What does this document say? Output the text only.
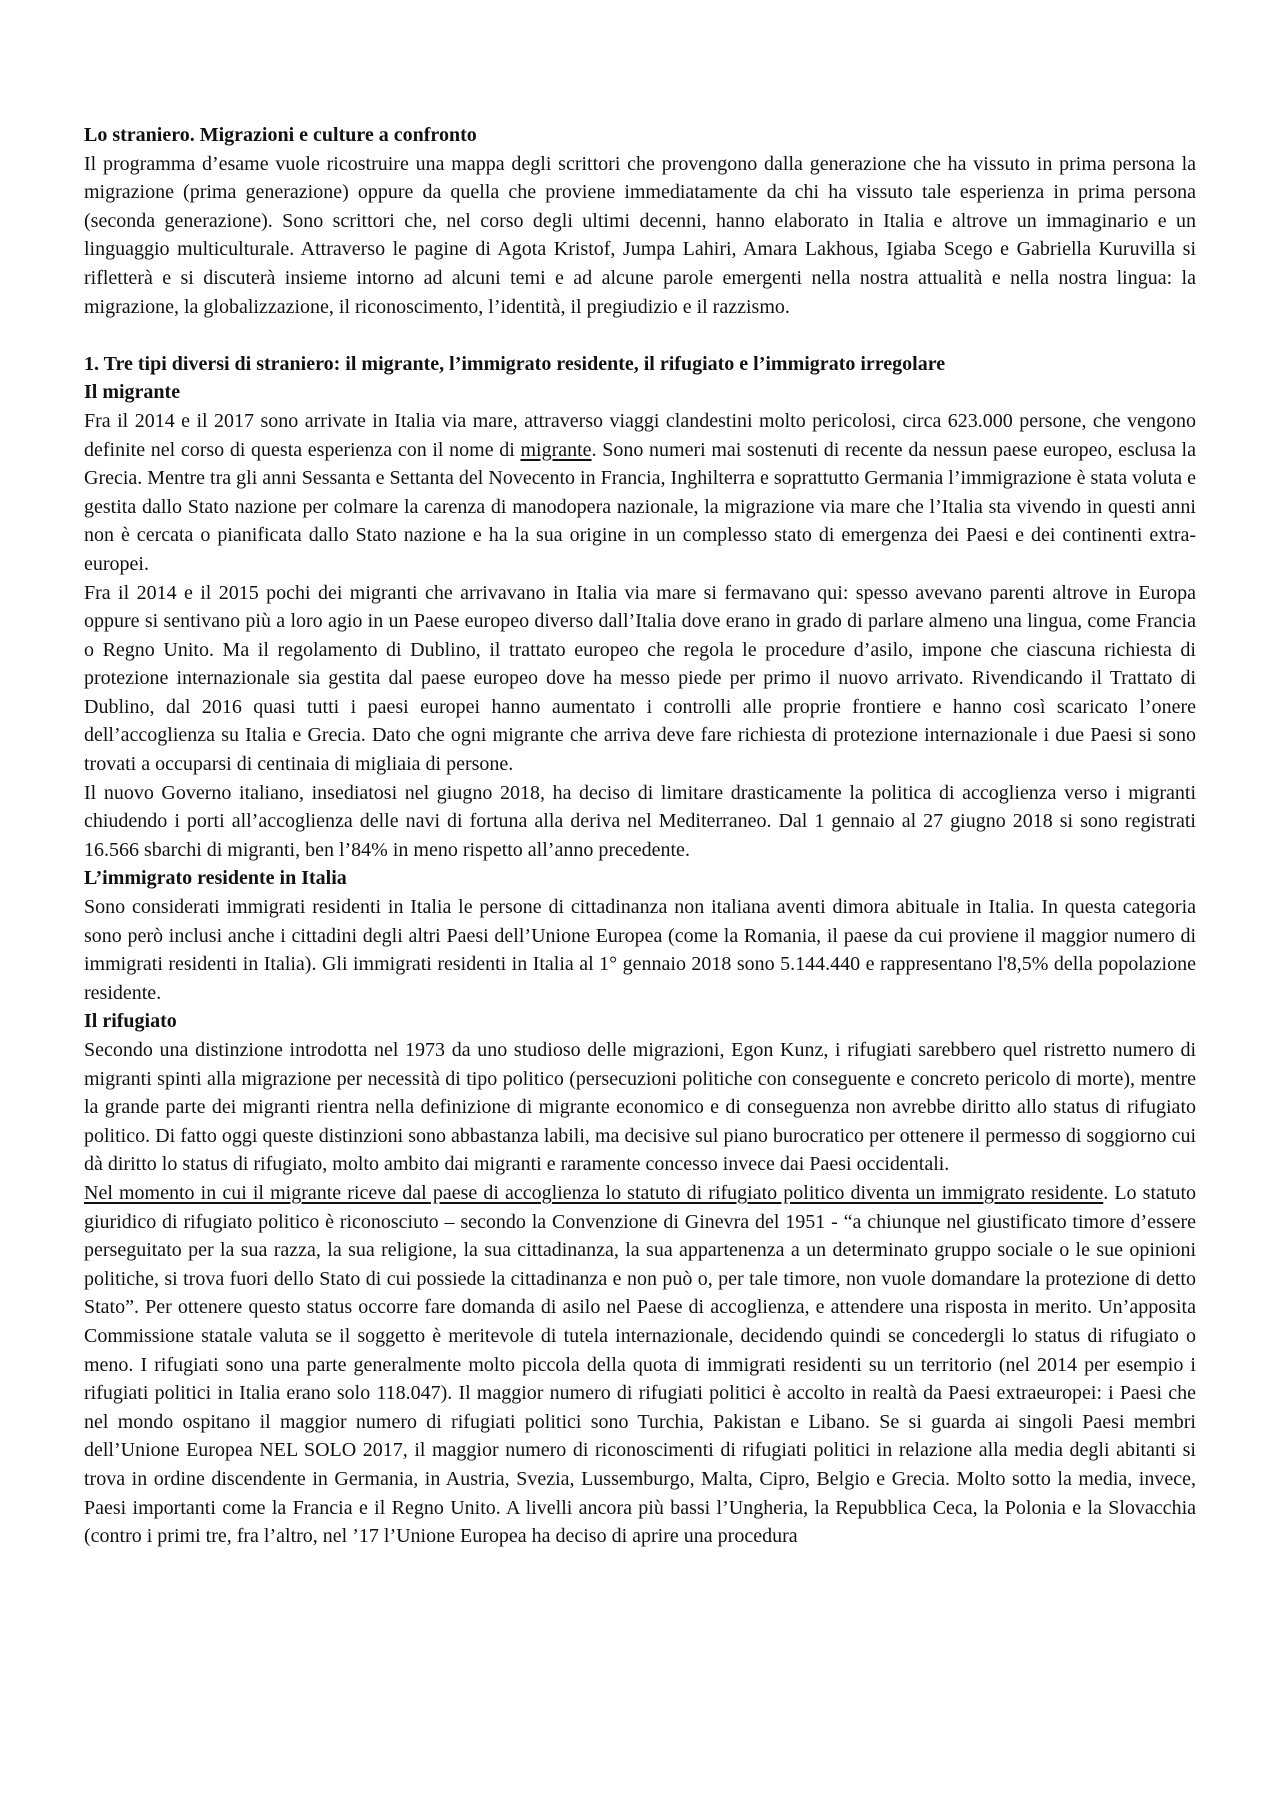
Lo straniero. Migrazioni e culture a confronto

Il programma d’esame vuole ricostruire una mappa degli scrittori che provengono dalla generazione che ha vissuto in prima persona la migrazione (prima generazione) oppure da quella che proviene immediatamente da chi ha vissuto tale esperienza in prima persona (seconda generazione). Sono scrittori che, nel corso degli ultimi decenni, hanno elaborato in Italia e altrove un immaginario e un linguaggio multiculturale. Attraverso le pagine di Agota Kristof, Jumpa Lahiri, Amara Lakhous, Igiaba Scego e Gabriella Kuruvilla si rifletterà e si discuterà insieme intorno ad alcuni temi e ad alcune parole emergenti nella nostra attualità e nella nostra lingua: la migrazione, la globalizzazione, il riconoscimento, l’identità, il pregiudizio e il razzismo.

1. Tre tipi diversi di straniero: il migrante, l’immigrato residente, il rifugiato e l’immigrato irregolare
Il migrante

Fra il 2014 e il 2017 sono arrivate in Italia via mare, attraverso viaggi clandestini molto pericolosi, circa 623.000 persone, che vengono definite nel corso di questa esperienza con il nome di migrante. Sono numeri mai sostenuti di recente da nessun paese europeo, esclusa la Grecia. Mentre tra gli anni Sessanta e Settanta del Novecento in Francia, Inghilterra e soprattutto Germania l’immigrazione è stata voluta e gestita dallo Stato nazione per colmare la carenza di manodopera nazionale, la migrazione via mare che l’Italia sta vivendo in questi anni non è cercata o pianificata dallo Stato nazione e ha la sua origine in un complesso stato di emergenza dei Paesi e dei continenti extra-europei.

Fra il 2014 e il 2015 pochi dei migranti che arrivavano in Italia via mare si fermavano qui: spesso avevano parenti altrove in Europa oppure si sentivano più a loro agio in un Paese europeo diverso dall’Italia dove erano in grado di parlare almeno una lingua, come Francia o Regno Unito. Ma il regolamento di Dublino, il trattato europeo che regola le procedure d’asilo, impone che ciascuna richiesta di protezione internazionale sia gestita dal paese europeo dove ha messo piede per primo il nuovo arrivato. Rivendicando il Trattato di Dublino, dal 2016 quasi tutti i paesi europei hanno aumentato i controlli alle proprie frontiere e hanno così scaricato l’onere dell’accoglienza su Italia e Grecia. Dato che ogni migrante che arriva deve fare richiesta di protezione internazionale i due Paesi si sono trovati a occuparsi di centinaia di migliaia di persone.

Il nuovo Governo italiano, insediatosi nel giugno 2018, ha deciso di limitare drasticamente la politica di accoglienza verso i migranti chiudendo i porti all’accoglienza delle navi di fortuna alla deriva nel Mediterraneo. Dal 1 gennaio al 27 giugno 2018 si sono registrati 16.566 sbarchi di migranti, ben l’84% in meno rispetto all’anno precedente.

L’immigrato residente in Italia

Sono considerati immigrati residenti in Italia le persone di cittadinanza non italiana aventi dimora abituale in Italia. In questa categoria sono però inclusi anche i cittadini degli altri Paesi dell’Unione Europea (come la Romania, il paese da cui proviene il maggior numero di immigrati residenti in Italia). Gli immigrati residenti in Italia al 1° gennaio 2018 sono 5.144.440 e rappresentano l'8,5% della popolazione residente.

Il rifugiato

Secondo una distinzione introdotta nel 1973 da uno studioso delle migrazioni, Egon Kunz, i rifugiati sarebbero quel ristretto numero di migranti spinti alla migrazione per necessità di tipo politico (persecuzioni politiche con conseguente e concreto pericolo di morte), mentre la grande parte dei migranti rientra nella definizione di migrante economico e di conseguenza non avrebbe diritto allo status di rifugiato politico. Di fatto oggi queste distinzioni sono abbastanza labili, ma decisive sul piano burocratico per ottenere il permesso di soggiorno cui dà diritto lo status di rifugiato, molto ambito dai migranti e raramente concesso invece dai Paesi occidentali.

Nel momento in cui il migrante riceve dal paese di accoglienza lo statuto di rifugiato politico diventa un immigrato residente. Lo statuto giuridico di rifugiato politico è riconosciuto – secondo la Convenzione di Ginevra del 1951 - “a chiunque nel giustificato timore d’essere perseguitato per la sua razza, la sua religione, la sua cittadinanza, la sua appartenenza a un determinato gruppo sociale o le sue opinioni politiche, si trova fuori dello Stato di cui possiede la cittadinanza e non può o, per tale timore, non vuole domandare la protezione di detto Stato”. Per ottenere questo status occorre fare domanda di asilo nel Paese di accoglienza, e attendere una risposta in merito. Un’apposita Commissione statale valuta se il soggetto è meritevole di tutela internazionale, decidendo quindi se concedergli lo status di rifugiato o meno. I rifugiati sono una parte generalmente molto piccola della quota di immigrati residenti su un territorio (nel 2014 per esempio i rifugiati politici in Italia erano solo 118.047). Il maggior numero di rifugiati politici è accolto in realtà da Paesi extraeuropei: i Paesi che nel mondo ospitano il maggior numero di rifugiati politici sono Turchia, Pakistan e Libano. Se si guarda ai singoli Paesi membri dell’Unione Europea NEL SOLO 2017, il maggior numero di riconoscimenti di rifugiati politici in relazione alla media degli abitanti si trova in ordine discendente in Germania, in Austria, Svezia, Lussemburgo, Malta, Cipro, Belgio e Grecia. Molto sotto la media, invece, Paesi importanti come la Francia e il Regno Unito. A livelli ancora più bassi l’Ungheria, la Repubblica Ceca, la Polonia e la Slovacchia (contro i primi tre, fra l’altro, nel ’17 l’Unione Europea ha deciso di aprire una procedura
